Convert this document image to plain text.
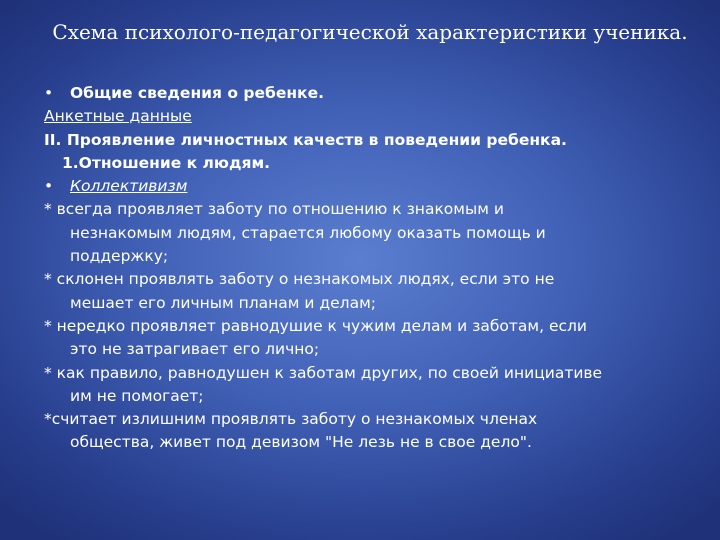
Схема психолого-педагогической характеристики ученика.
• Общие сведения о ребенке.
Анкетные данные
II. Проявление личностных качеств в поведении ребенка.
1.Отношение к людям.
• Коллективизм
* всегда проявляет заботу по отношению к знакомым и
незнакомым людям, старается любому оказать помощь и
поддержку;
* склонен проявлять заботу о незнакомых людях, если это не
мешает его личным планам и делам;
* нередко проявляет равнодушие к чужим делам и заботам, если
это не затрагивает его лично;
* как правило, равнодушен к заботам других, по своей инициативе
им не помогает;
*считает излишним проявлять заботу о незнакомых членах
общества, живет под девизом "Не лезь не в свое дело".
